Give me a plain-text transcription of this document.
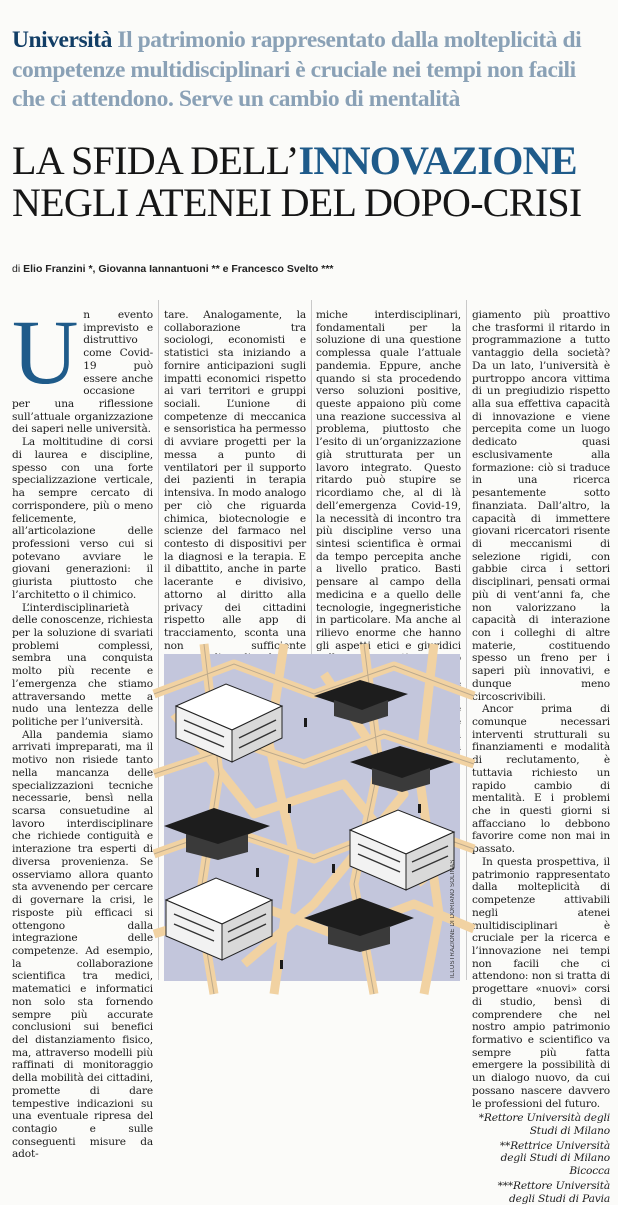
Università Il patrimonio rappresentato dalla molteplicità di competenze multidisciplinari è cruciale nei tempi non facili che ci attendono. Serve un cambio di mentalità
LA SFIDA DELL’INNOVAZIONE
NEGLI ATENEI DEL DOPO-CRISI
di Elio Franzini *, Giovanna Iannantuoni ** e Francesco Svelto ***

Un evento imprevisto e distruttivo come Covid-19 può essere anche occasione per una riflessione sull’attuale organizzazione dei saperi nelle università.

La moltitudine di corsi di laurea e discipline, spesso con una forte specializzazione verticale, ha sempre cercato di corrispondere, più o meno felicemente, all’articolazione delle professioni verso cui si potevano avviare le giovani generazioni: il giurista piuttosto che l’architetto o il chimico.

L’interdisciplinarietà delle conoscenze, richiesta per la soluzione di svariati problemi complessi, sembra una conquista molto più recente e l’emergenza che stiamo attraversando mette a nudo una lentezza delle politiche per l’università.

Alla pandemia siamo arrivati impreparati, ma il motivo non risiede tanto nella mancanza delle specializzazioni tecniche necessarie, bensì nella scarsa consuetudine al lavoro interdisciplinare che richiede contiguità e interazione tra esperti di diversa provenienza. Se osserviamo allora quanto sta avvenendo per cercare di governare la crisi, le risposte più efficaci si ottengono dalla integrazione delle competenze. Ad esempio, la collaborazione scientifica tra medici, matematici e informatici non solo sta fornendo sempre più accurate conclusioni sui benefici del distanziamento fisico, ma, attraverso modelli più raffinati di monitoraggio della mobilità dei cittadini, promette di dare tempestive indicazioni su una eventuale ripresa del contagio e sulle conseguenti misure da adot-

tare. Analogamente, la collaborazione tra sociologi, economisti e statistici sta iniziando a fornire anticipazioni sugli impatti economici rispetto ai vari territori e gruppi sociali. L’unione di competenze di meccanica e sensoristica ha permesso di avviare progetti per la messa a punto di ventilatori per il supporto dei pazienti in terapia intensiva. In modo analogo per ciò che riguarda chimica, biotecnologie e scienze del farmaco nel contesto di dispositivi per la diagnosi e la terapia. E il dibattito, anche in parte lacerante e divisivo, attorno al diritto alla privacy dei cittadini rispetto alle app di tracciamento, sconta una non sufficiente

miche interdisciplinari, fondamentali per la soluzione di una questione complessa quale l’attuale pandemia. Eppure, anche quando si sta procedendo verso soluzioni positive, queste appaiono più come una reazione successiva al problema, piuttosto che l’esito di un’organizzazione già strutturata per un lavoro integrato. Questo ritardo può stupire se ricordiamo che, al di là dell’emergenza Covid-19, la necessità di incontro tra più discipline verso una sintesi scientifica è ormai da tempo percepita anche a livello pratico. Basti pensare al campo della medicina e a quello delle tecnologie, ingegneristiche in particolare. Ma anche al rilievo enorme che hanno gli aspetti etici e giuridici

giamento più proattivo che trasformi il ritardo in programmazione a tutto vantaggio della società? Da un lato, l’università è purtroppo ancora vittima di un pregiudizio rispetto alla sua effettiva capacità di innovazione e viene percepita come un luogo dedicato quasi esclusivamente alla formazione: ciò si traduce in una ricerca pesantemente sotto finanziata. Dall’altro, la capacità di immettere giovani ricercatori risente di meccanismi di selezione rigidi, con gabbie circa i settori disciplinari, pensati ormai più di vent’anni fa, che non valorizzano la capacità di interazione con i colleghi di altre materie, costituendo spesso un freno per i saperi più innovativi, e dunque meno circoscrivibili.

Ancor prima di comunque necessari interventi strutturali su finanziamenti e modalità di reclutamento, è tuttavia richiesto un rapido cambio di mentalità. E i problemi che in questi giorni si affacciano lo debbono favorire come non mai in passato.

In questa prospettiva, il patrimonio rappresentato dalla molteplicità di competenze attivabili negli atenei multidisciplinari è cruciale per la ricerca e l’innovazione nei tempi non facili che ci attendono: non si tratta di progettare «nuovi» corsi di studio, bensì di comprendere che nel nostro ampio patrimonio formativo e scientifico va sempre più fatta emergere la possibilità di un dialogo nuovo, da cui possano nascere davvero le professioni del futuro.

*Rettore Università degli Studi di Milano

**Rettrice Università degli Studi di Milano Bicocca

***Rettore Università degli Studi di Pavia

ILLUSTRAZIONE DI DORIANO SOLINAS
